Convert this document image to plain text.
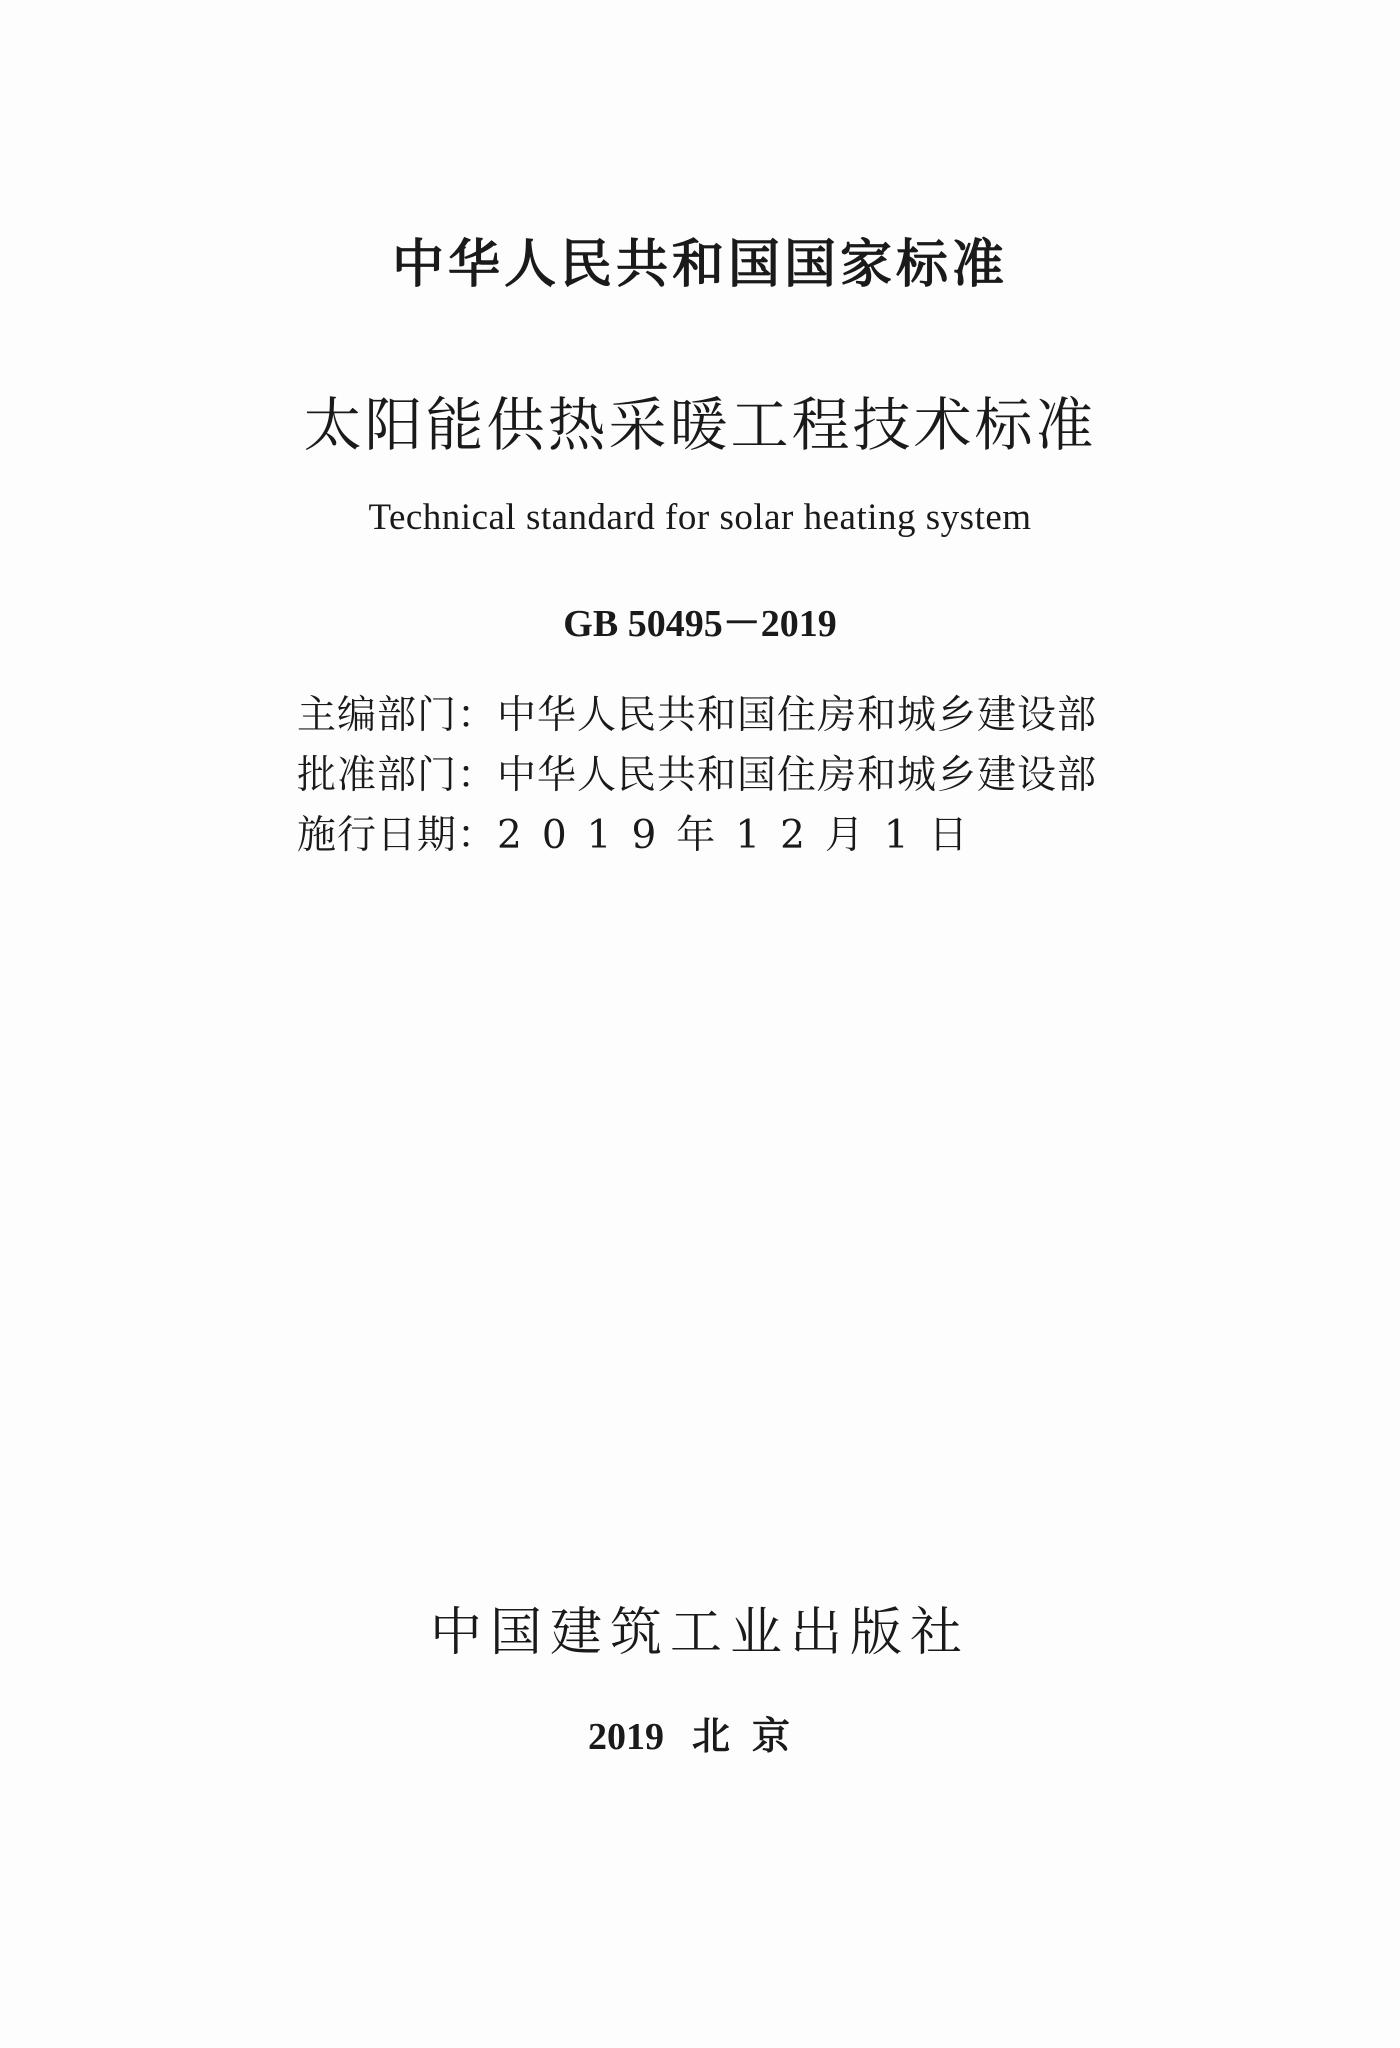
中华人民共和国国家标准
太阳能供热采暖工程技术标准
Technical standard for solar heating system
GB 50495－2019
主编部门： 中华人民共和国住房和城乡建设部
批准部门： 中华人民共和国住房和城乡建设部
施行日期： 2019年12月1日
中国建筑工业出版社
2019 北京
